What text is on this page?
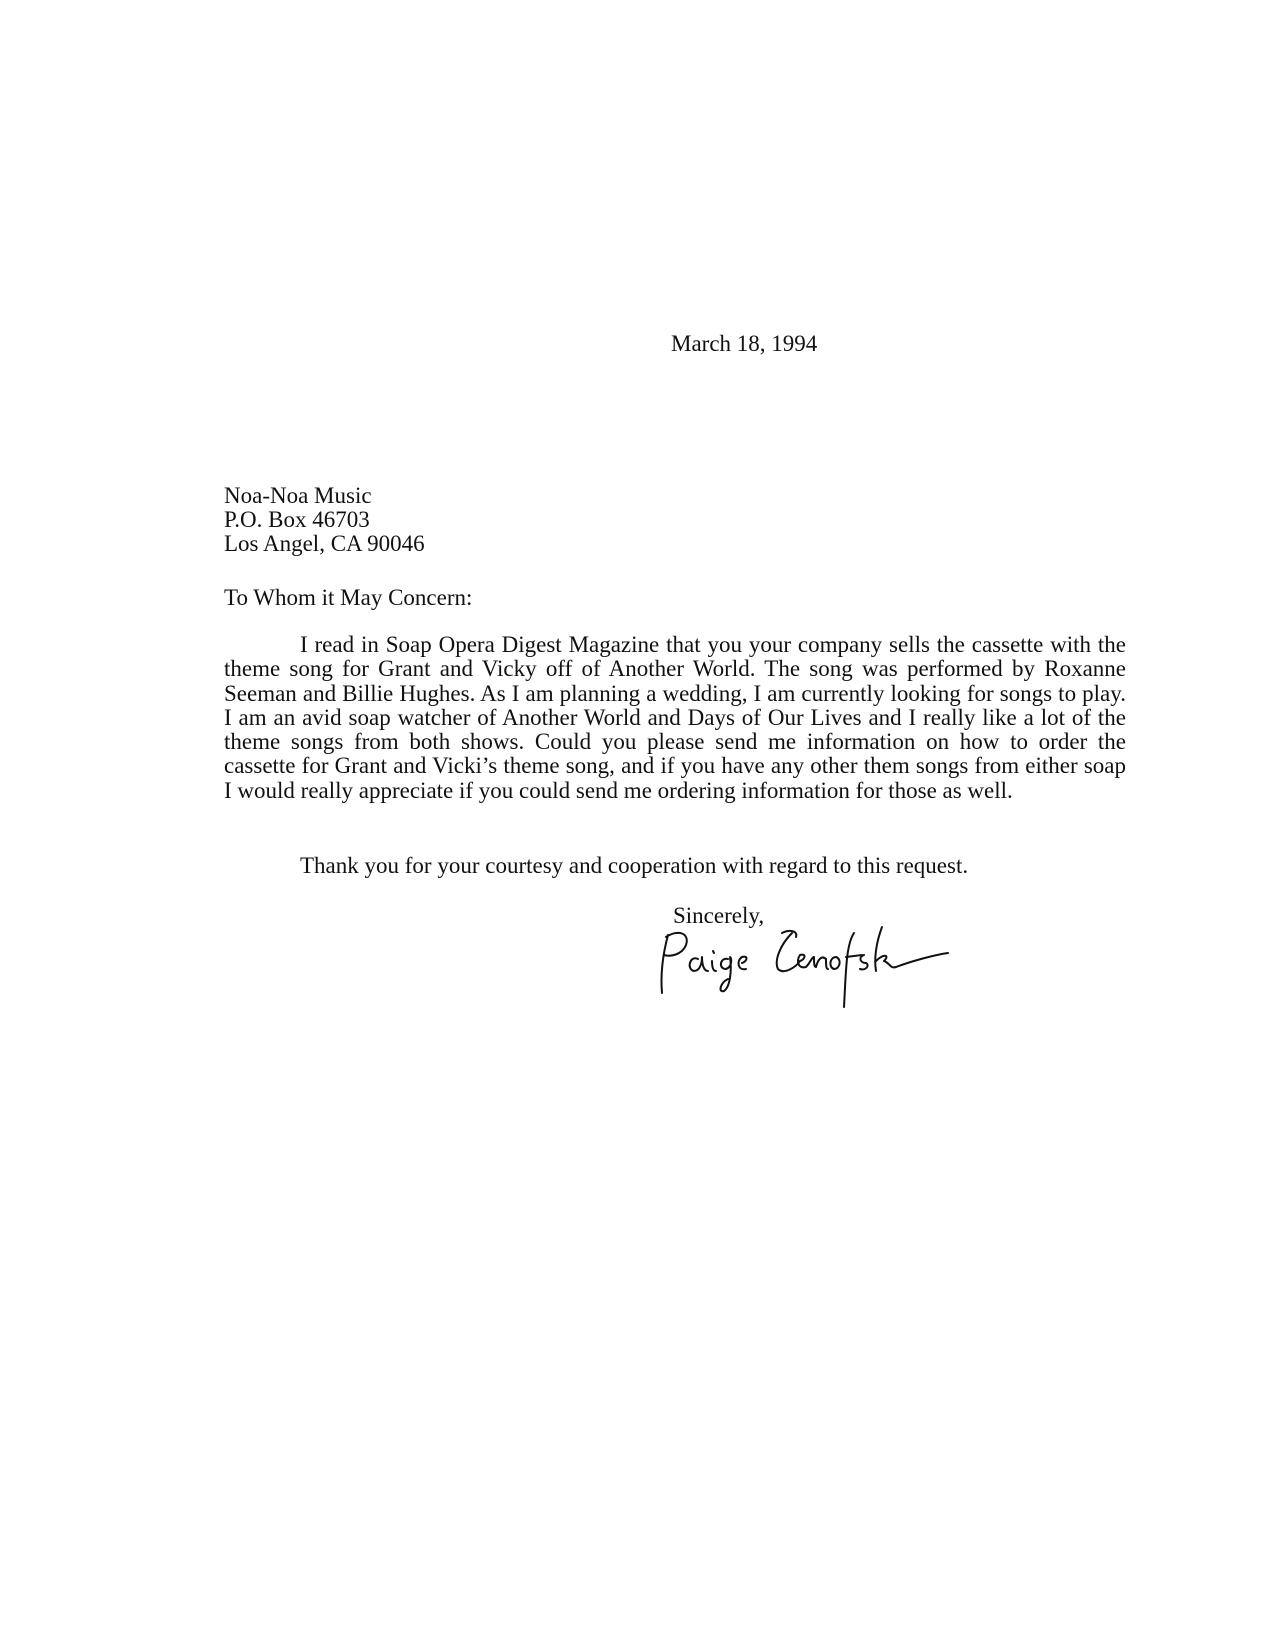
March 18, 1994
Noa-Noa Music
P.O. Box 46703
Los Angel, CA 90046
To Whom it May Concern:

I read in Soap Opera Digest Magazine that you your company sells the cassette with the theme song for Grant and Vicky off of Another World. The song was performed by Roxanne Seeman and Billie Hughes. As I am planning a wedding, I am currently looking for songs to play. I am an avid soap watcher of Another World and Days of Our Lives and I really like a lot of the theme songs from both shows. Could you please send me information on how to order the cassette for Grant and Vicki’s theme song, and if you have any other them songs from either soap I would really appreciate if you could send me ordering information for those as well.

Thank you for your courtesy and cooperation with regard to this request.
Sincerely,
